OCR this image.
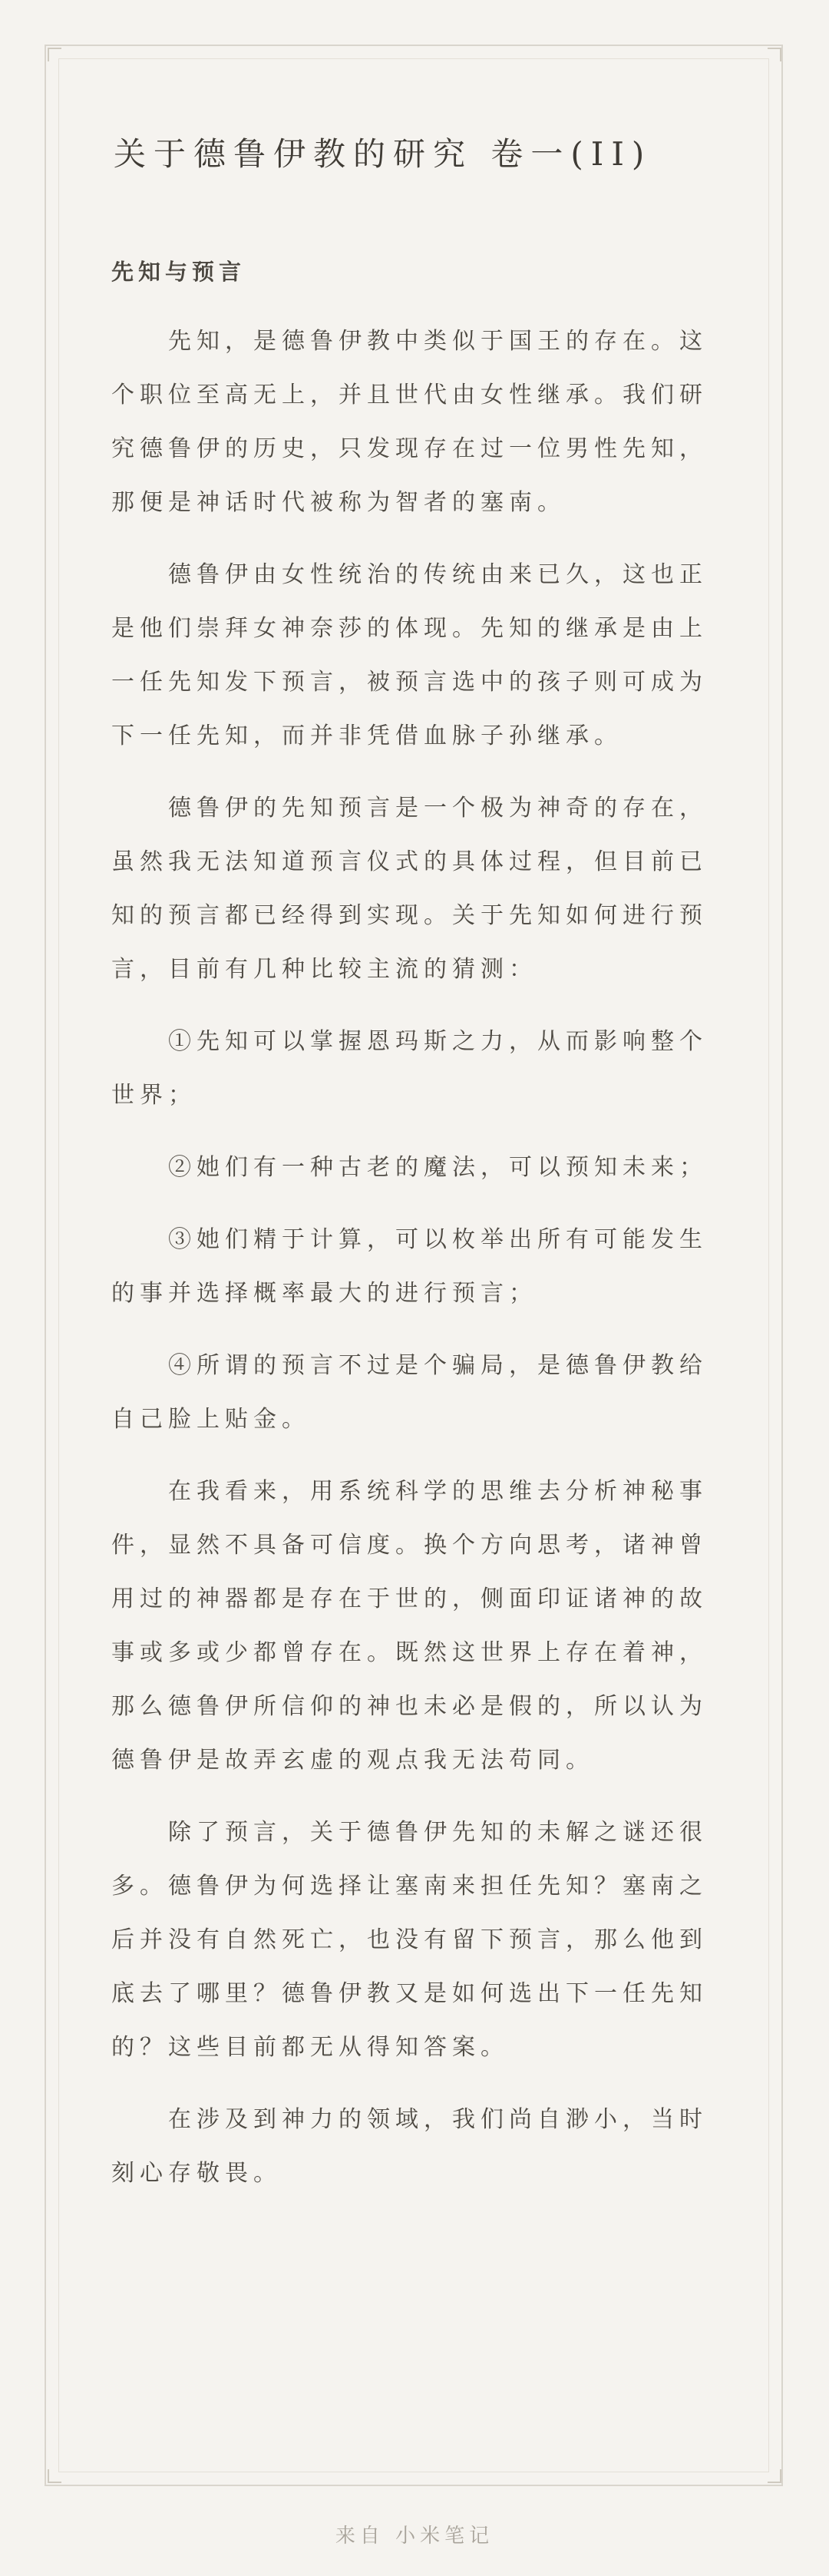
关于德鲁伊教的研究 卷一(II)
先知与预言

先知，是德鲁伊教中类似于国王的存在。这个职位至高无上，并且世代由女性继承。我们研究德鲁伊的历史，只发现存在过一位男性先知，那便是神话时代被称为智者的塞南。

德鲁伊由女性统治的传统由来已久，这也正是他们崇拜女神奈莎的体现。先知的继承是由上一任先知发下预言，被预言选中的孩子则可成为下一任先知，而并非凭借血脉子孙继承。

德鲁伊的先知预言是一个极为神奇的存在，虽然我无法知道预言仪式的具体过程，但目前已知的预言都已经得到实现。关于先知如何进行预言，目前有几种比较主流的猜测：

①先知可以掌握恩玛斯之力，从而影响整个世界；

②她们有一种古老的魔法，可以预知未来；

③她们精于计算，可以枚举出所有可能发生的事并选择概率最大的进行预言；

④所谓的预言不过是个骗局，是德鲁伊教给自己脸上贴金。

在我看来，用系统科学的思维去分析神秘事件，显然不具备可信度。换个方向思考，诸神曾用过的神器都是存在于世的，侧面印证诸神的故事或多或少都曾存在。既然这世界上存在着神，那么德鲁伊所信仰的神也未必是假的，所以认为德鲁伊是故弄玄虚的观点我无法苟同。

除了预言，关于德鲁伊先知的未解之谜还很多。德鲁伊为何选择让塞南来担任先知？塞南之后并没有自然死亡，也没有留下预言，那么他到底去了哪里？德鲁伊教又是如何选出下一任先知的？这些目前都无从得知答案。

在涉及到神力的领域，我们尚自渺小，当时刻心存敬畏。

来自 小米笔记
